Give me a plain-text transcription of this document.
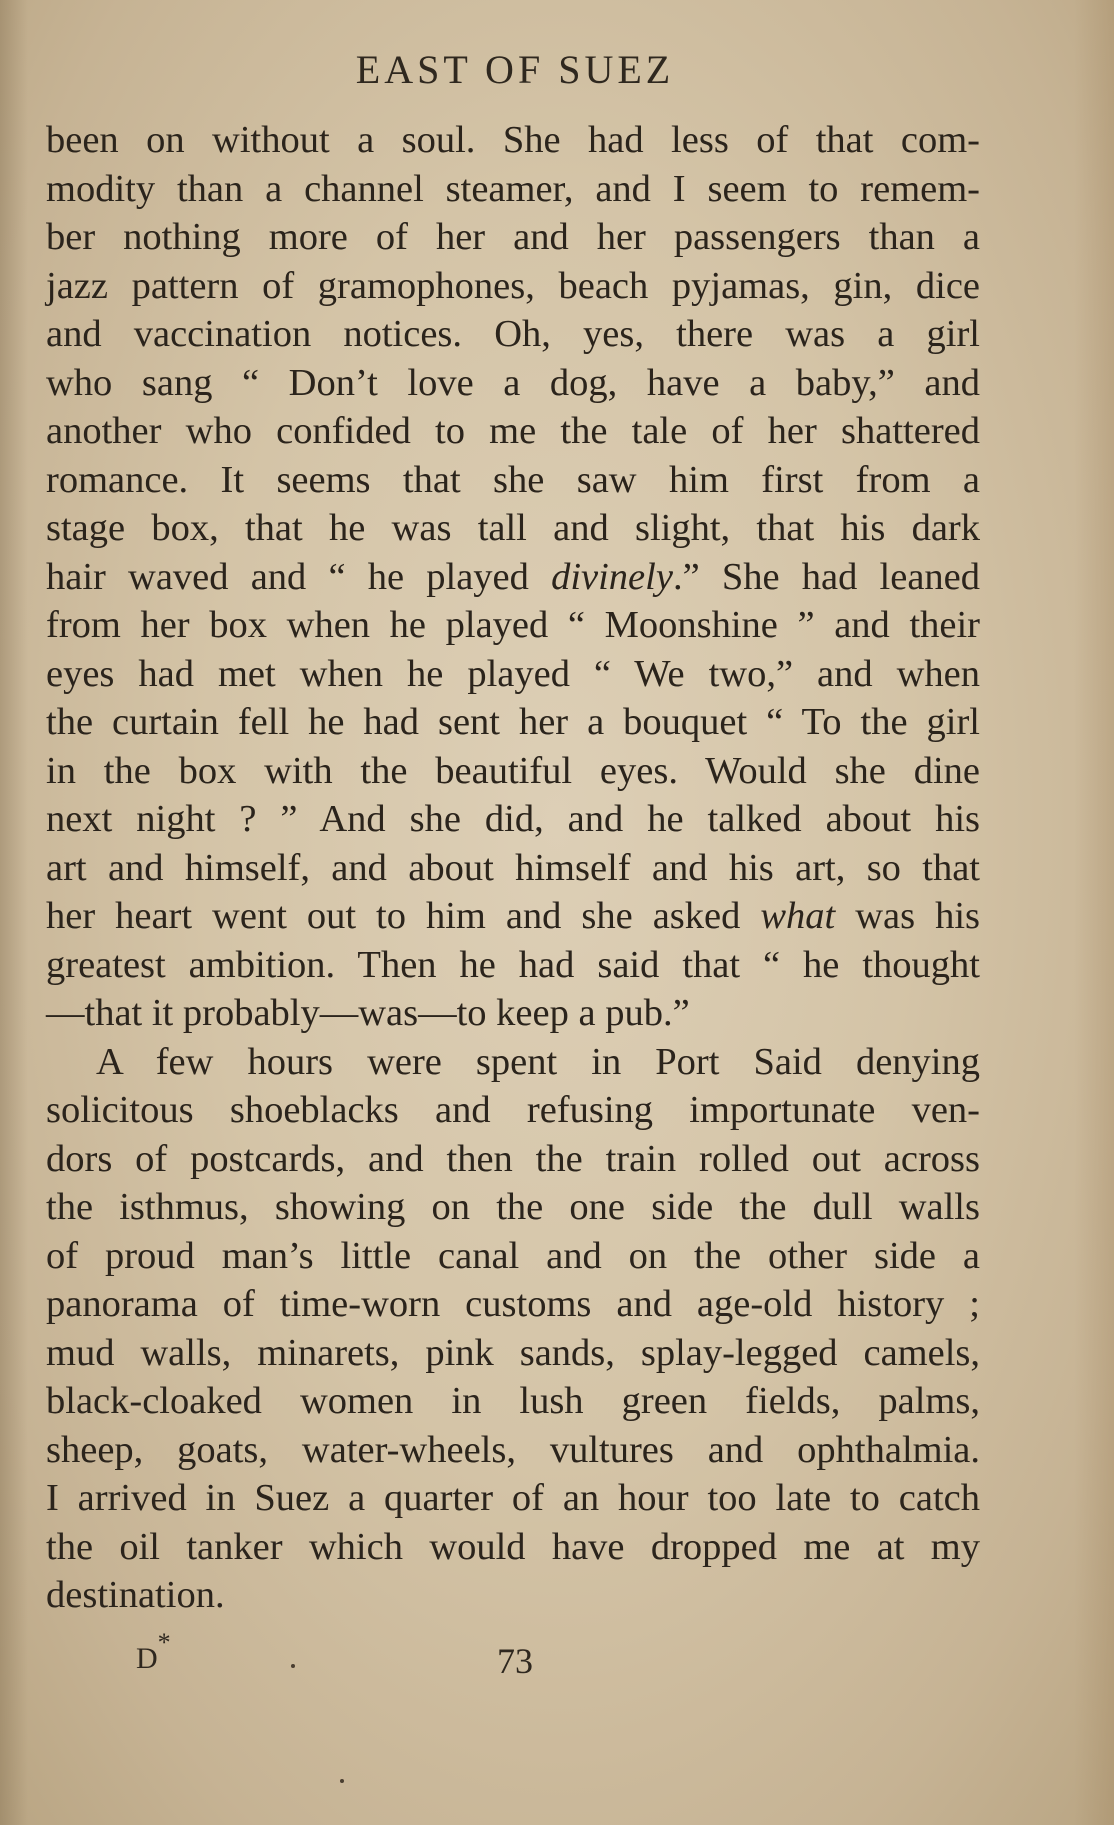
EAST OF SUEZ
been on without a soul. She had less of that com-
modity than a channel steamer, and I seem to remem-
ber nothing more of her and her passengers than a
jazz pattern of gramophones, beach pyjamas, gin, dice
and vaccination notices. Oh, yes, there was a girl
who sang “ Don’t love a dog, have a baby,” and
another who confided to me the tale of her shattered
romance. It seems that she saw him first from a
stage box, that he was tall and slight, that his dark
hair waved and “ he played divinely.” She had leaned
from her box when he played “ Moonshine ” and their
eyes had met when he played “ We two,” and when
the curtain fell he had sent her a bouquet “ To the girl
in the box with the beautiful eyes. Would she dine
next night ? ” And she did, and he talked about his
art and himself, and about himself and his art, so that
her heart went out to him and she asked what was his
greatest ambition. Then he had said that “ he thought
—that it probably—was—to keep a pub.”
A few hours were spent in Port Said denying
solicitous shoeblacks and refusing importunate ven-
dors of postcards, and then the train rolled out across
the isthmus, showing on the one side the dull walls
of proud man’s little canal and on the other side a
panorama of time-worn customs and age-old history ;
mud walls, minarets, pink sands, splay-legged camels,
black-cloaked women in lush green fields, palms,
sheep, goats, water-wheels, vultures and ophthalmia.
I arrived in Suez a quarter of an hour too late to catch
the oil tanker which would have dropped me at my
destination.
D*	73
